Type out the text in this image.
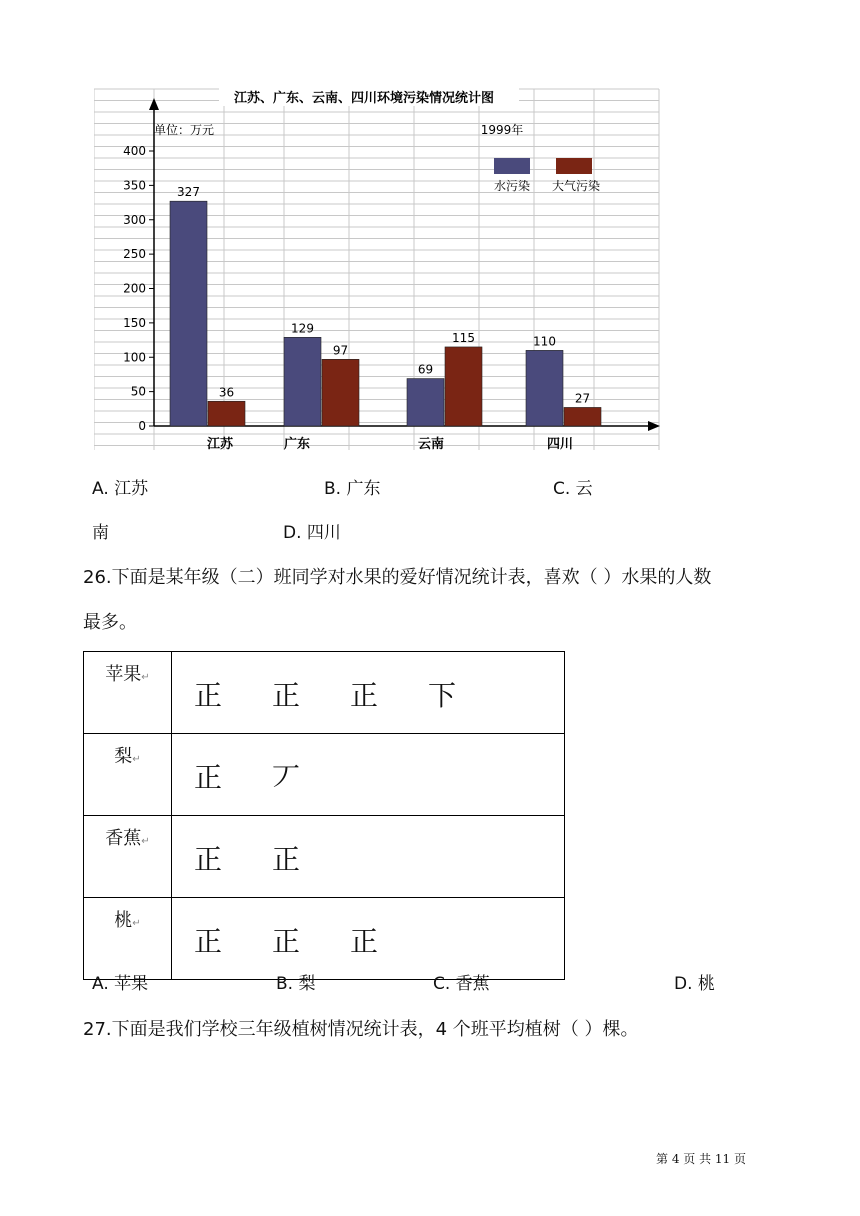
0
50
100
150
200
250
300
350
400
327
36
江苏
129
97
广东
69
115
云南
110
27
四川
江苏、广东、云南、四川环境污染情况统计图
单位：万元	1999年
水污染 大气污染
A. 江苏	B. 广东	C. 云
南	D. 四川
26.下面是某年级（二）班同学对水果的爱好情况统计表，喜欢（ ）水果的人数
最多。
苹果↵	正 正 正 下

梨↵	正 丆

香蕉↵	正 正

桃↵	正 正 正
A. 苹果	B. 梨	C. 香蕉	D. 桃
27.下面是我们学校三年级植树情况统计表，4 个班平均植树（ ）棵。
第 4 页 共 11 页
